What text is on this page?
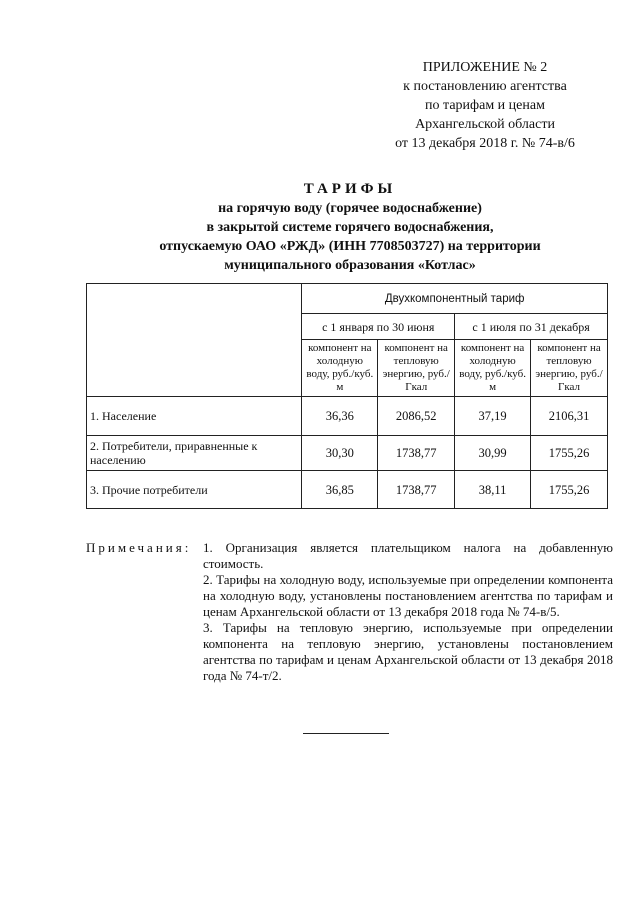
ПРИЛОЖЕНИЕ № 2
к постановлению агентства
по тарифам и ценам
Архангельской области
от 13 декабря 2018 г. № 74-в/6
ТАРИФЫ
на горячую воду (горячее водоснабжение)
в закрытой системе горячего водоснабжения,
отпускаемую ОАО «РЖД» (ИНН 7708503727) на территории
муниципального образования «Котлас»
	Двухкомпонентный тариф			
	с 1 января по 30 июня		с 1 июля по 31 декабря	
	компонент на холодную воду, руб./куб. м	компонент на тепловую энергию, руб./Гкал	компонент на холодную воду, руб./куб. м	компонент на тепловую энергию, руб./Гкал
1. Население	36,36	2086,52	37,19	2106,31
2. Потребители, приравненные к населению	30,30	1738,77	30,99	1755,26
3. Прочие потребители	36,85	1738,77	38,11	1755,26
Примечания: 1. Организация является плательщиком налога на добавленную стоимость.

2. Тарифы на холодную воду, используемые при определении компонента на холодную воду, установлены постановлением агентства по тарифам и ценам Архангельской области от 13 декабря 2018 года № 74-в/5.

3. Тарифы на тепловую энергию, используемые при определении компонента на тепловую энергию, установлены постановлением агентства по тарифам и ценам Архангельской области от 13 декабря 2018 года № 74-т/2.
